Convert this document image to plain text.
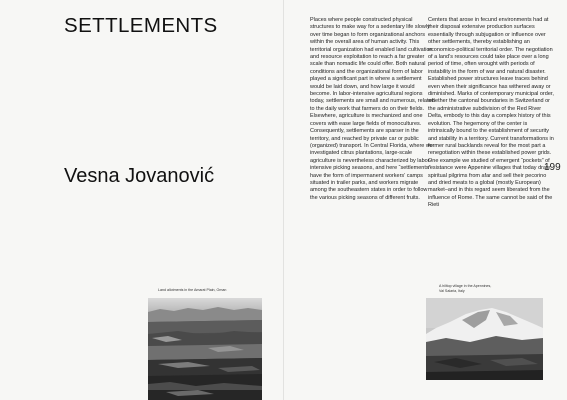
SETTLEMENTS
Vesna Jovanović

Places where people constructed physical structures to make way for a sedentary life slowly over time began to form organizational anchors within the overall area of human activity. This territorial organization had enabled land cultivation and resource exploitation to reach a far greater scale than nomadic life could offer. Both natural conditions and the organizational form of labor played a significant part in where a settlement would be laid down, and how large it would become. In labor-intensive agricultural regions today, settlements are small and numerous, related to the daily work that farmers do on their fields. Elsewhere, agriculture is mechanized and one covers with ease large fields of monocultures. Consequently, settlements are sparser in the territory, and reached by private car or public (organized) transport. In Central Florida, where we investigated citrus plantations, large-scale agriculture is nevertheless characterized by labor-intensive picking seasons, and here “settlements” have the form of impermanent workers’ camps situated in trailer parks, and workers migrate among the southeastern states in order to follow the various picking seasons of different fruits.

Centers that arose in fecund environments had at their disposal extensive production surfaces essentially through subjugation or influence over other settlements, thereby establishing an economico-political territorial order. The negotiation of a land’s resources could take place over a long period of time, often wrought with periods of instability in the form of war and natural disaster. Established power structures leave traces behind even when their significance has withered away or diminished. Marks of contemporary municipal order, whether the cantonal boundaries in Switzerland or the administrative subdivision of the Red River Delta, embody to this day a complex history of this evolution. The hegemony of the center is intrinsically bound to the establishment of security and stability in a territory. Current transformations in former rural backlands reveal for the most part a renegotiation within these established power grids. One example we studied of emergent “pockets” of resistance were Appenine villages that today draw spiritual pilgrims from afar and sell their pecorino and dried meats to a global (mostly European) market–and in this regard seem liberated from the influence of Rome. The same cannot be said of the Rieti

199
Land allotments in the Amarat Plain, Oman
A hilltop village in the Apennines,
Val Salaria, Italy
